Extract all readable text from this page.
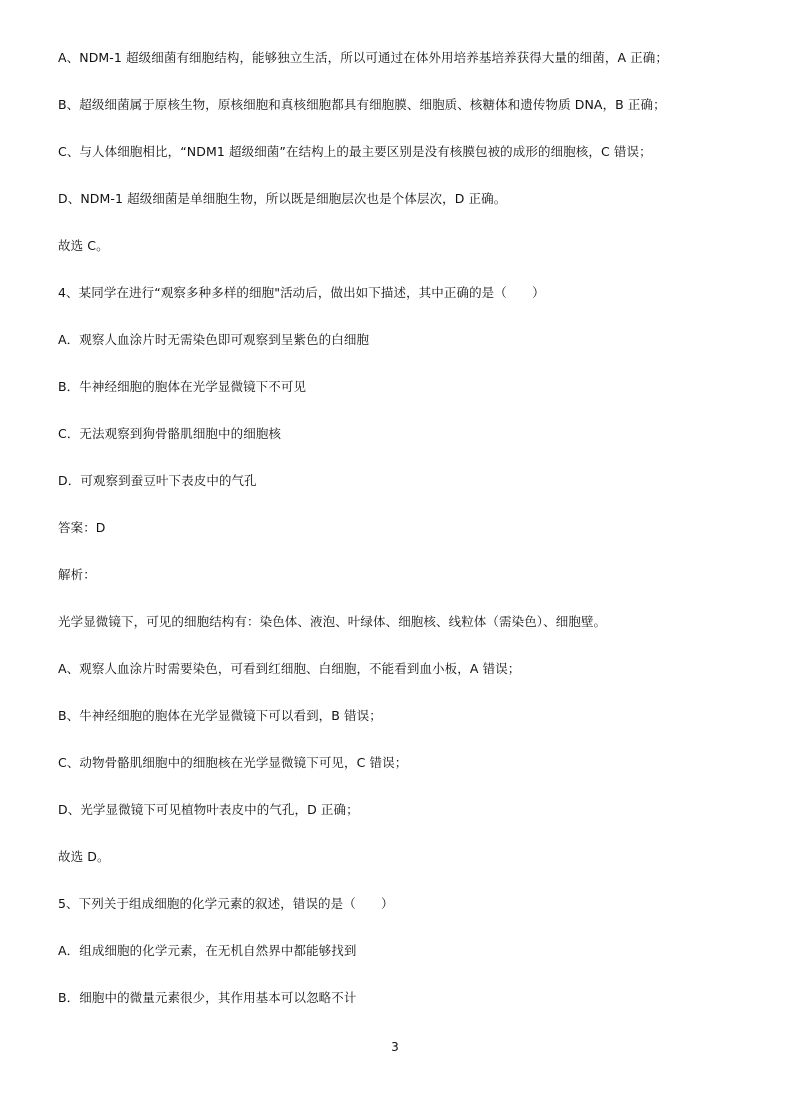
A、NDM-1 超级细菌有细胞结构，能够独立生活，所以可通过在体外用培养基培养获得大量的细菌，A 正确；
B、超级细菌属于原核生物，原核细胞和真核细胞都具有细胞膜、细胞质、核糖体和遗传物质 DNA，B 正确；
C、与人体细胞相比，“NDM1 超级细菌”在结构上的最主要区别是没有核膜包被的成形的细胞核，C 错误；
D、NDM-1 超级细菌是单细胞生物，所以既是细胞层次也是个体层次，D 正确。
故选 C。
4、某同学在进行“观察多种多样的细胞"活动后，做出如下描述，其中正确的是（　　）
A．观察人血涂片时无需染色即可观察到呈紫色的白细胞
B．牛神经细胞的胞体在光学显微镜下不可见
C．无法观察到狗骨骼肌细胞中的细胞核
D．可观察到蚕豆叶下表皮中的气孔
答案：D
解析：
光学显微镜下，可见的细胞结构有：染色体、液泡、叶绿体、细胞核、线粒体（需染色）、细胞壁。
A、观察人血涂片时需要染色，可看到红细胞、白细胞，不能看到血小板，A 错误；
B、牛神经细胞的胞体在光学显微镜下可以看到，B 错误；
C、动物骨骼肌细胞中的细胞核在光学显微镜下可见，C 错误；
D、光学显微镜下可见植物叶表皮中的气孔，D 正确；
故选 D。
5、下列关于组成细胞的化学元素的叙述，错误的是（　　）
A．组成细胞的化学元素，在无机自然界中都能够找到
B．细胞中的微量元素很少，其作用基本可以忽略不计
3
